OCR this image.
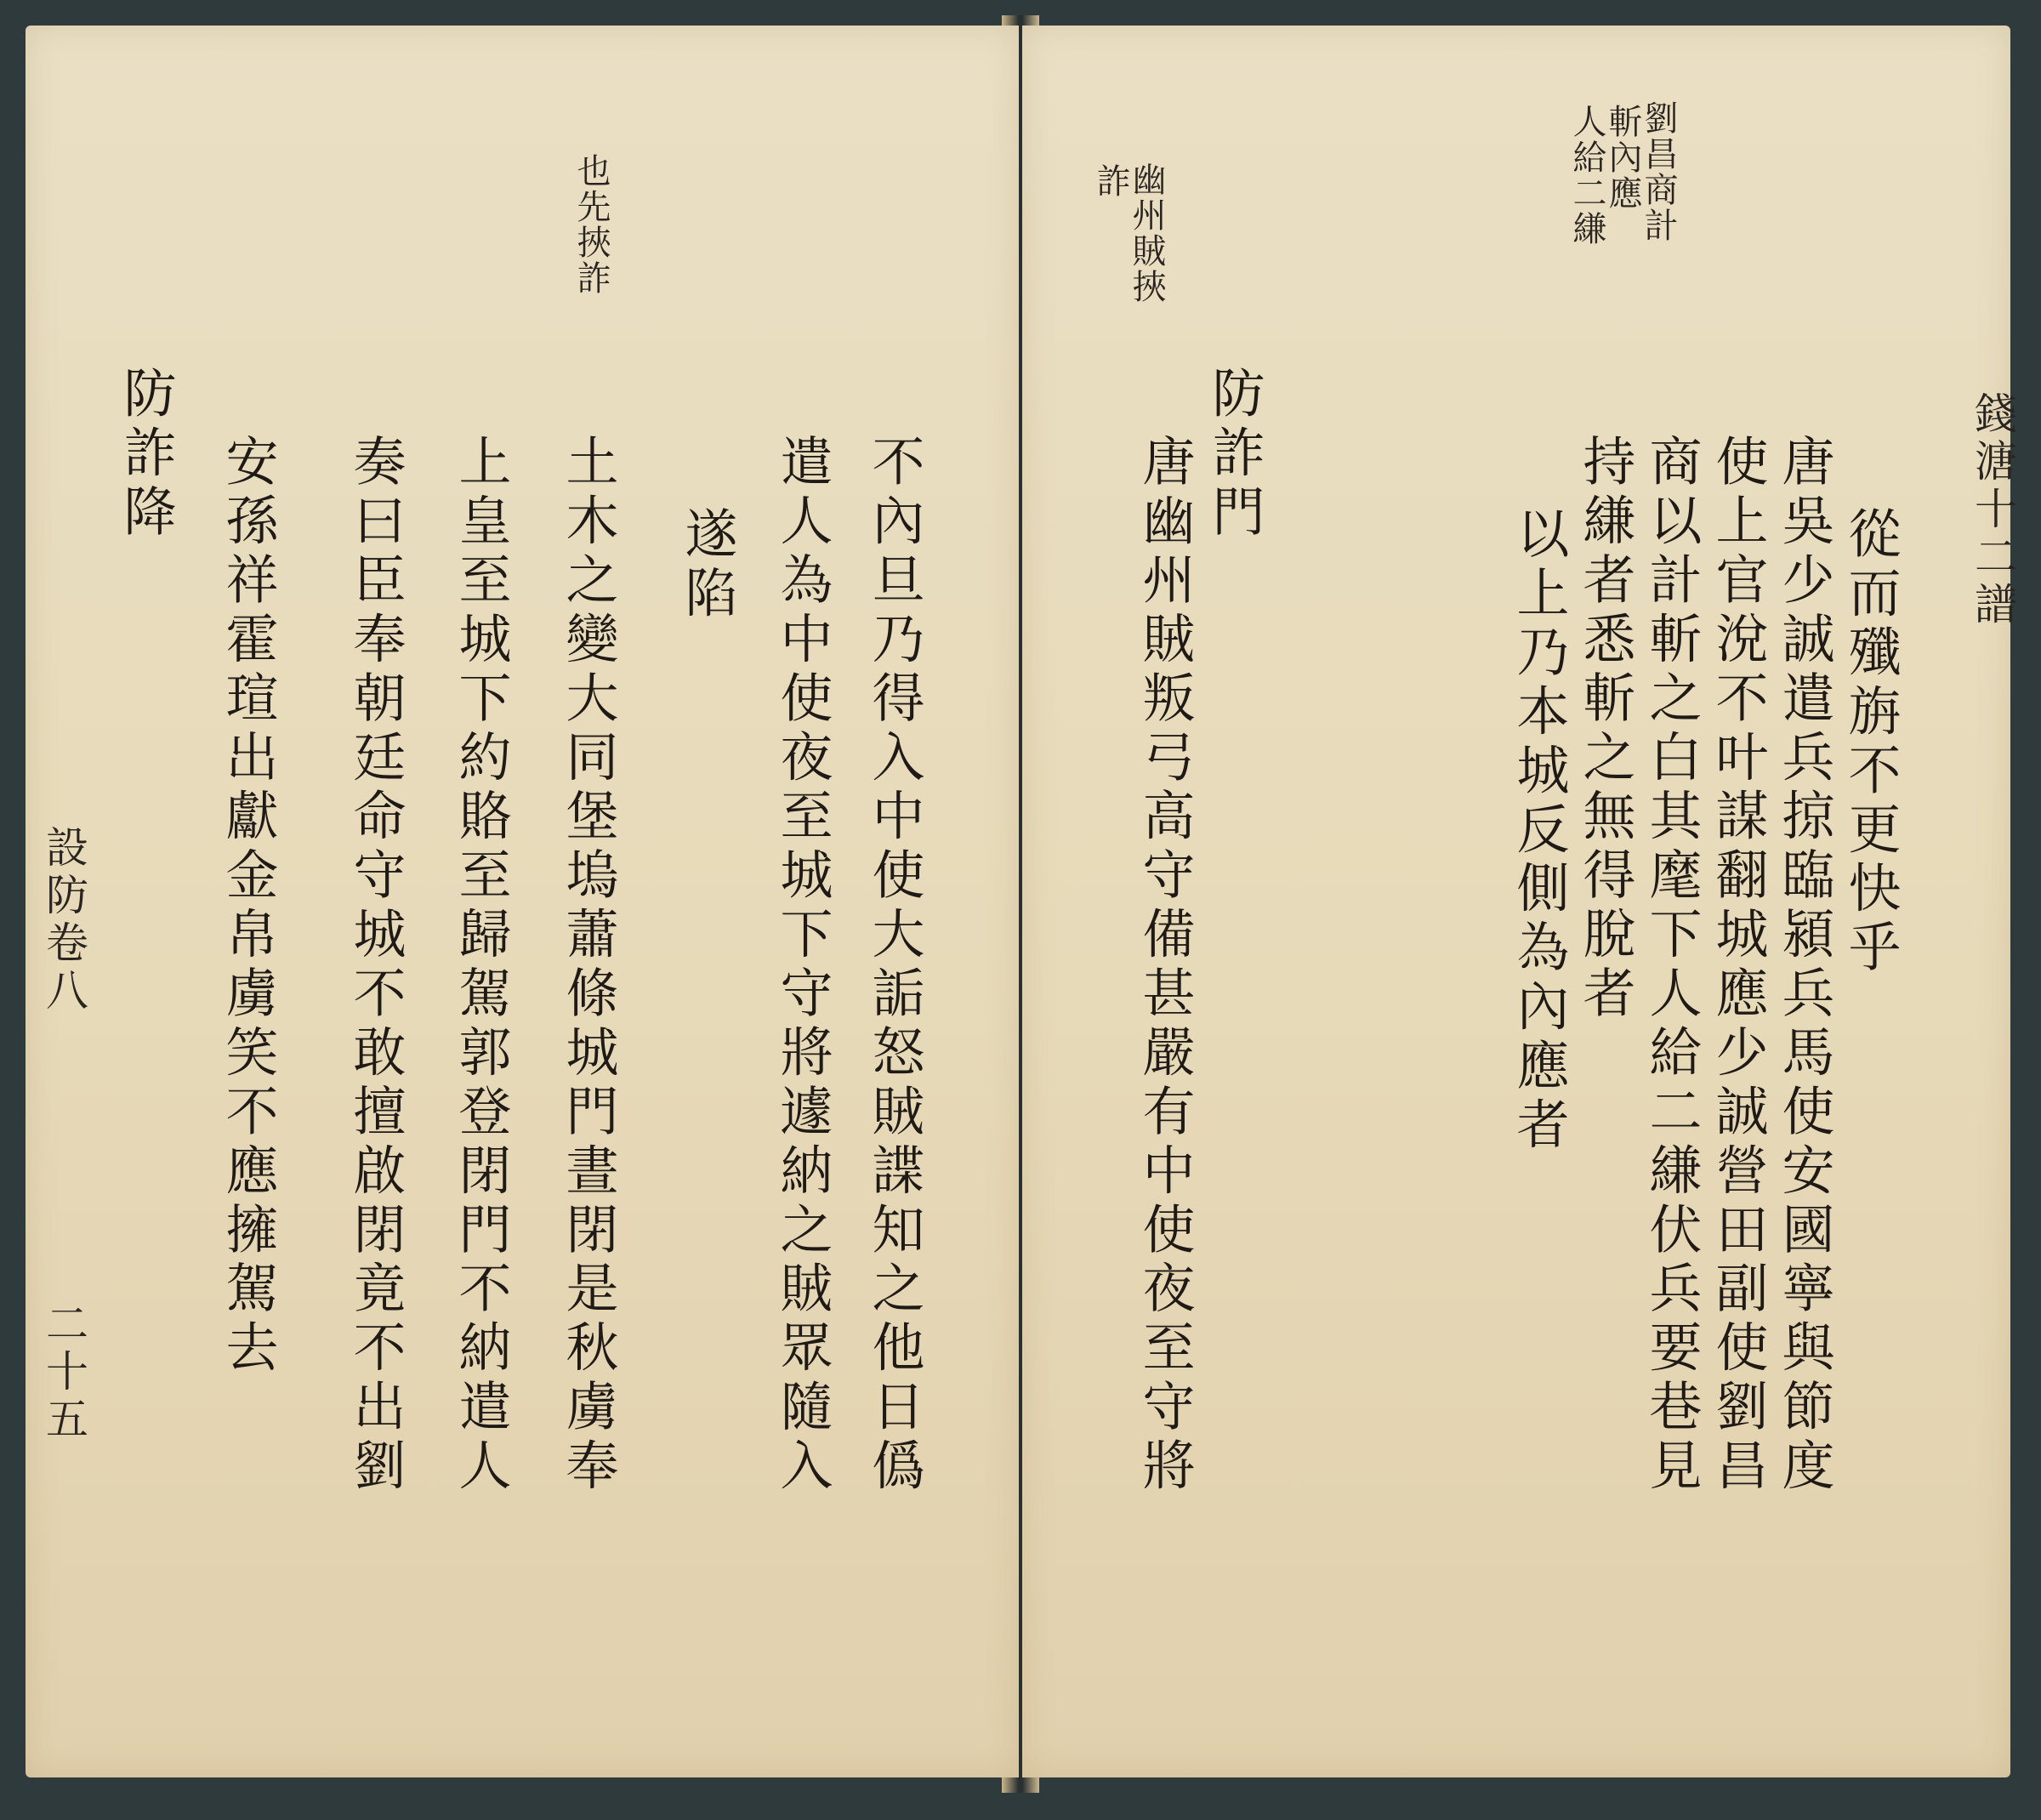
錢溏十二譜

劉昌商計

斬內應

人給二縑

幽州賊挾

詐

從而殲旃不更快乎

唐吳少誠遣兵掠臨潁兵馬使安國寧與節度

使上官涗不叶謀翻城應少誠營田副使劉昌

商以計斬之白其麾下人給二縑伏兵要巷見

持縑者悉斬之無得脫者

以上乃本城反側為內應者

防詐門

唐幽州賊叛弓高守備甚嚴有中使夜至守將

也先挾詐

不內旦乃得入中使大詬怒賊諜知之他日僞

遣人為中使夜至城下守將遽納之賊眾隨入

遂陷

土木之變大同堡塢蕭條城門晝閉是秋虜奉

上皇至城下約賂至歸駕郭登閉門不納遣人

奏曰臣奉朝廷命守城不敢擅啟閉竟不出劉

安孫祥霍瑄出獻金帛虜笑不應擁駕去

防詐降

設防卷八

二十五
